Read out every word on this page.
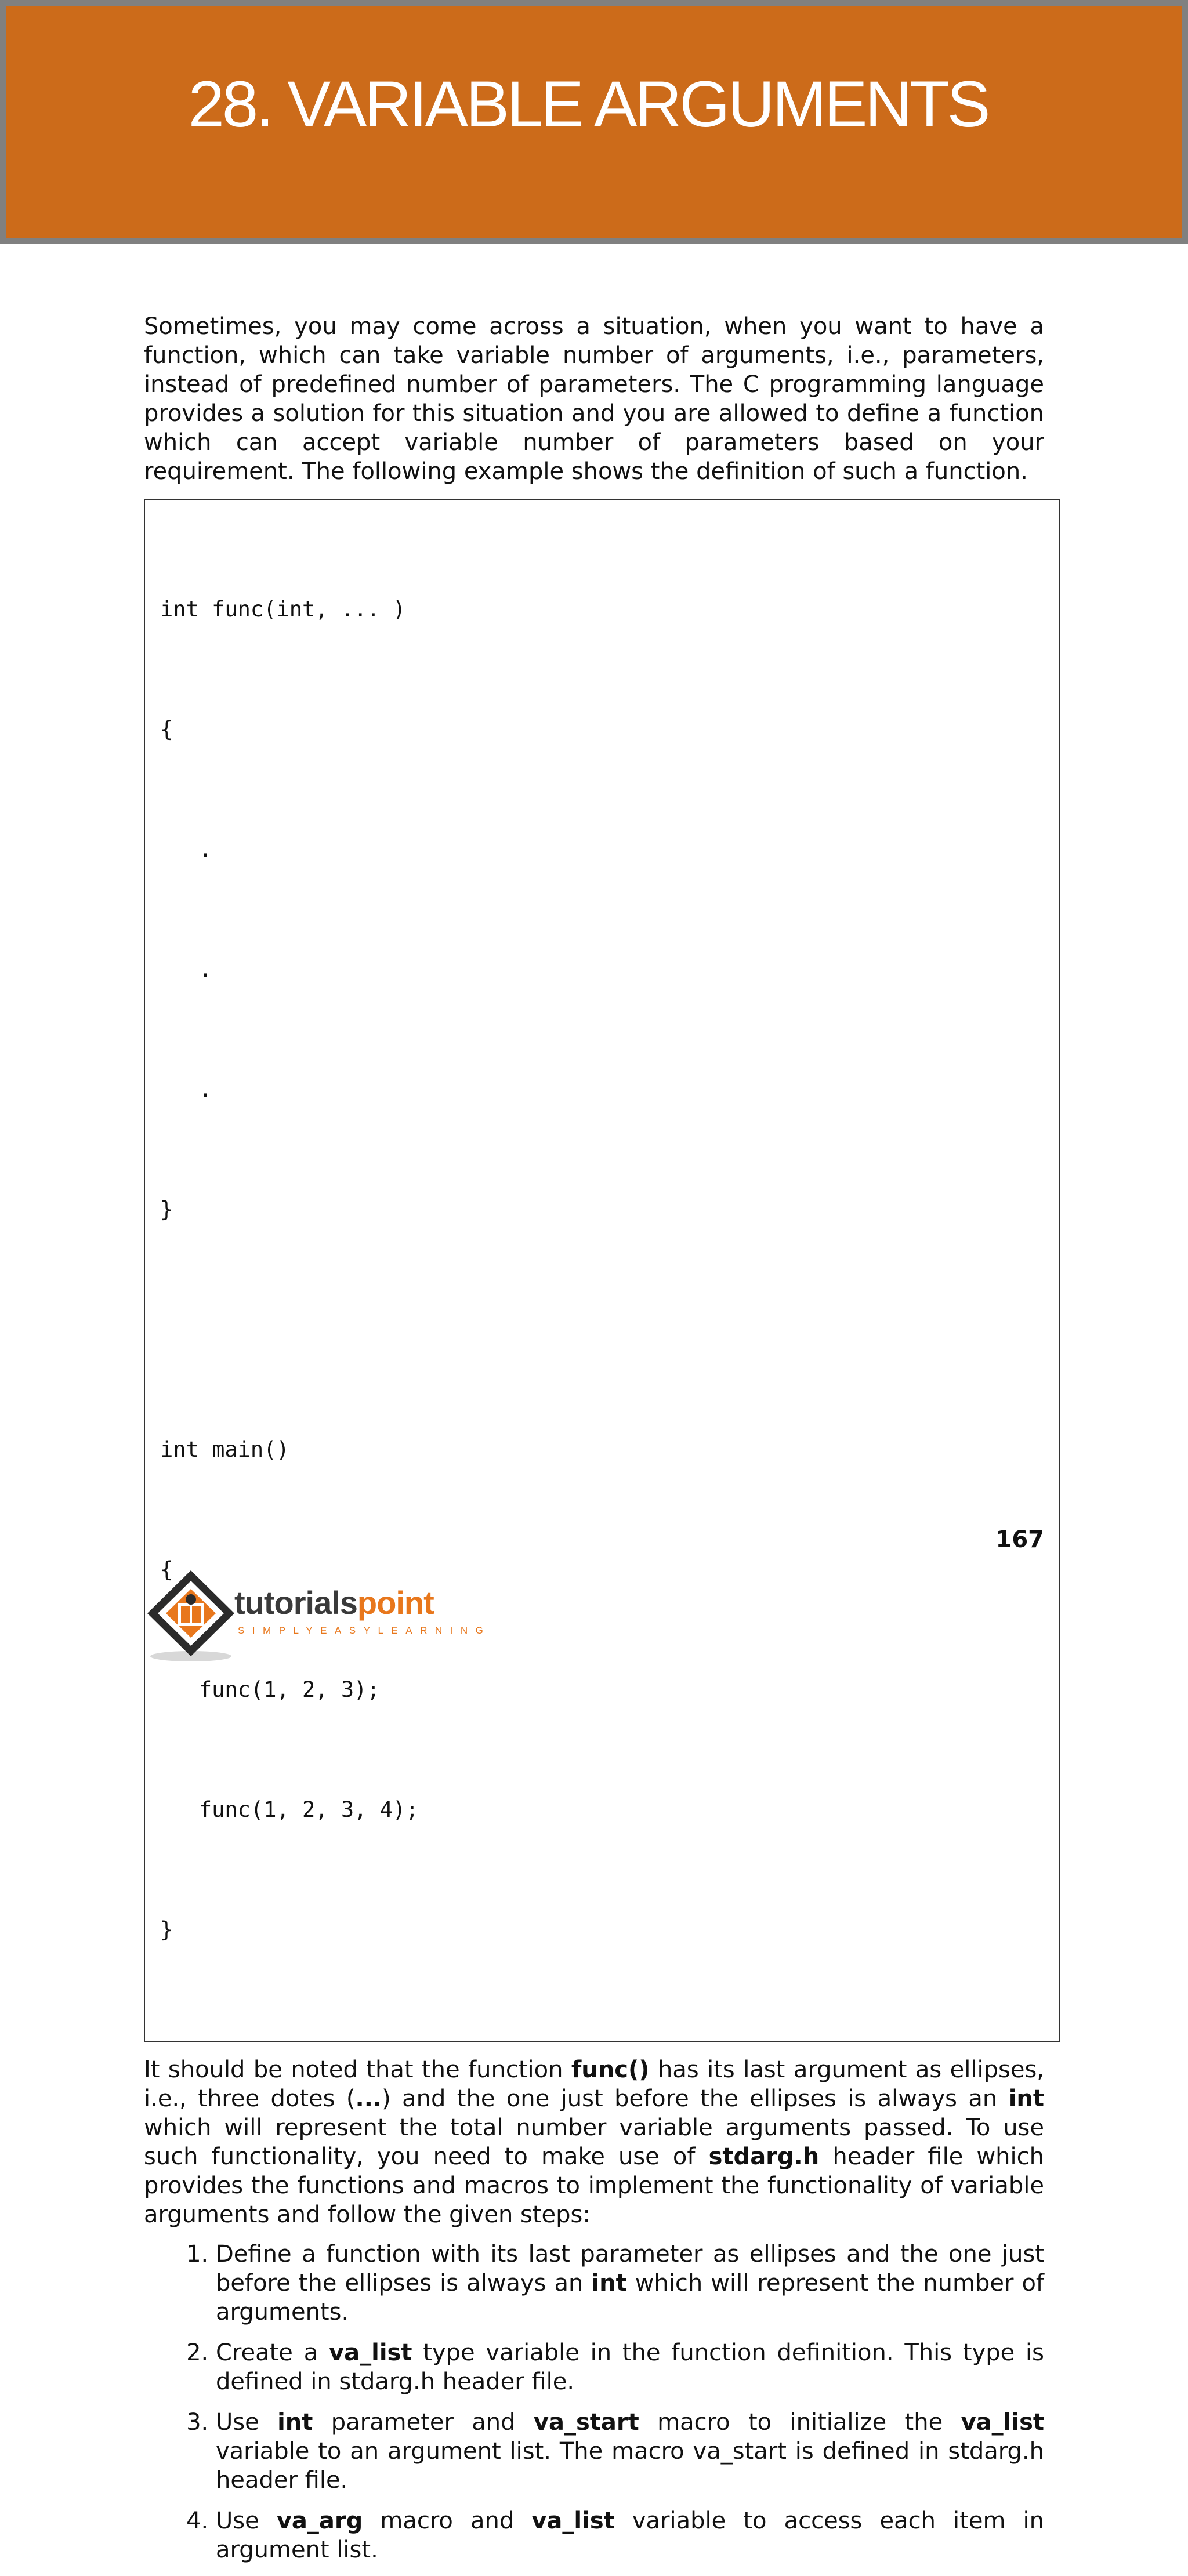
28. VARIABLE ARGUMENTS

Sometimes, you may come across a situation, when you want to have a function, which can take variable number of arguments, i.e., parameters, instead of predefined number of parameters. The C programming language provides a solution for this situation and you are allowed to define a function which can accept variable number of parameters based on your requirement. The following example shows the definition of such a function.

int func(int, ... )

{

.

.

.

}

int main()

{

func(1, 2, 3);

func(1, 2, 3, 4);

}

It should be noted that the function func() has its last argument as ellipses, i.e., three dotes (...) and the one just before the ellipses is always an int which will represent the total number variable arguments passed. To use such functionality, you need to make use of stdarg.h header file which provides the functions and macros to implement the functionality of variable arguments and follow the given steps:

1. Define a function with its last parameter as ellipses and the one just before the ellipses is always an int which will represent the number of arguments.
2. Create a va_list type variable in the function definition. This type is defined in stdarg.h header file.
3. Use int parameter and va_start macro to initialize the va_list variable to an argument list. The macro va_start is defined in stdarg.h header file.
4. Use va_arg macro and va_list variable to access each item in argument list.
167
tutorialspoint
SIMPLYEASYLEARNING
